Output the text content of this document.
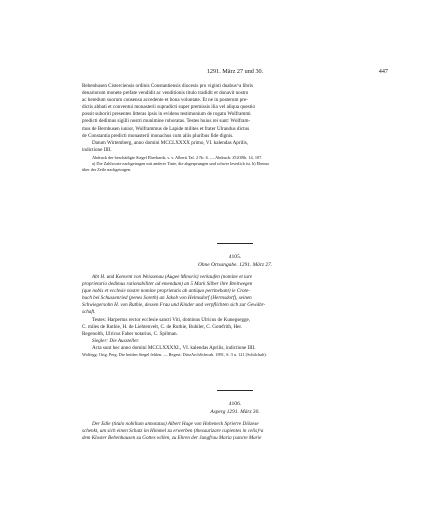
1291. März 27 und 30.	447

Bebenhusen Cisterciensis ordinis Constantiensis diocesis pro viginti duabus^a libris

denariorum monete prefate vendidit ac venditionis titulo tradidit et donavit nostro

ac heredum suorum consensu accedente et bona voluntate. Et ne in posterum pre-

dictis abbati et conventui monasterii supradicti super premissis ilia vel aliqua questio

possit suboriri presentes litteras ipsis in evidens testimonium de rogatu Wolframmi

predicti dedimus sigilli nostri munimine roboratas. Testes huius rei sunt: Wolfram-

mus de Bernhusen iunior, Wolframmus de Lapide milites et frater Ulrandus dictus

de Constantia predicti monasterii monachus cum aliis pluribus fide dignis.

Datum Wirtemberg, anno domini MCCLXXXX primo, VI. kalendas Aprilis,

indictione IIII.

Abdruck der beschädigte Siegel Eberhards, s. v. Alberti Taf. 2 Nr. 6. — Abdruck: ZGORh. 14, 107.

a) Die Zahlworte nachgetragen mit anderer Tinte, die abgesprungen und schwer leserlich ist. b) Ebenso

über der Zeile nachgetragen.

4105.

Ohne Ortsangabe. 1291. März 27.

Abt H. und Konvent von Weissenau (Augee Minoris) verkaufen (nomine et iure

proprietario dedimus rationabiliter ad emendum) an 5 Mark Silber ihre Breitwegen

(que nobis et ecclesie nostre nomine proprietatis ab antiquo pertinebant) ie Crote-

buch bei Schussenried (penes Soreth) an Jakob von Helmsdorf (Hermsdorf), seinen

Schwiegersohn H. von Ruthie, dessen Frau und Kinder und verpflichten sich zur Gewähr-

schaft.

Testes: Harpertus rector ecclesie sancti Viti, dominus Ulricus de Kunegsegge,

C. miles de Ruthie, H. de Liehtenvelt, C. de Ruthie, Buhiler, C. Gotefrith, Her.

Regenolth, Ulricus Faber notarius, C. Spilman.

Siegler: Die Aussteller.

Acta sunt hec anno domini MCCLXXXXI., VI. kalendas Aprilis, indictione IIII.

Wolfegg. Orig. Perg. Die beiden Siegel fehlen. — Regest: DiözArchSchwab. 1891, S. 3 u. 121 (Schilchalt).

4106.

Asperg 1291. März 30.

Der Edle (titulo nobilium annotatus) Albert Hage von Hoheneck Sprierre Diözese

schenkt, um sich einen Schatz im Himmel zu erwerben (thesaurizare cupientes in celis)^a

dem Kloster Bebenhausen zu Gottes willen, zu Ehren der Jungfrau Maria (sancte Marie
